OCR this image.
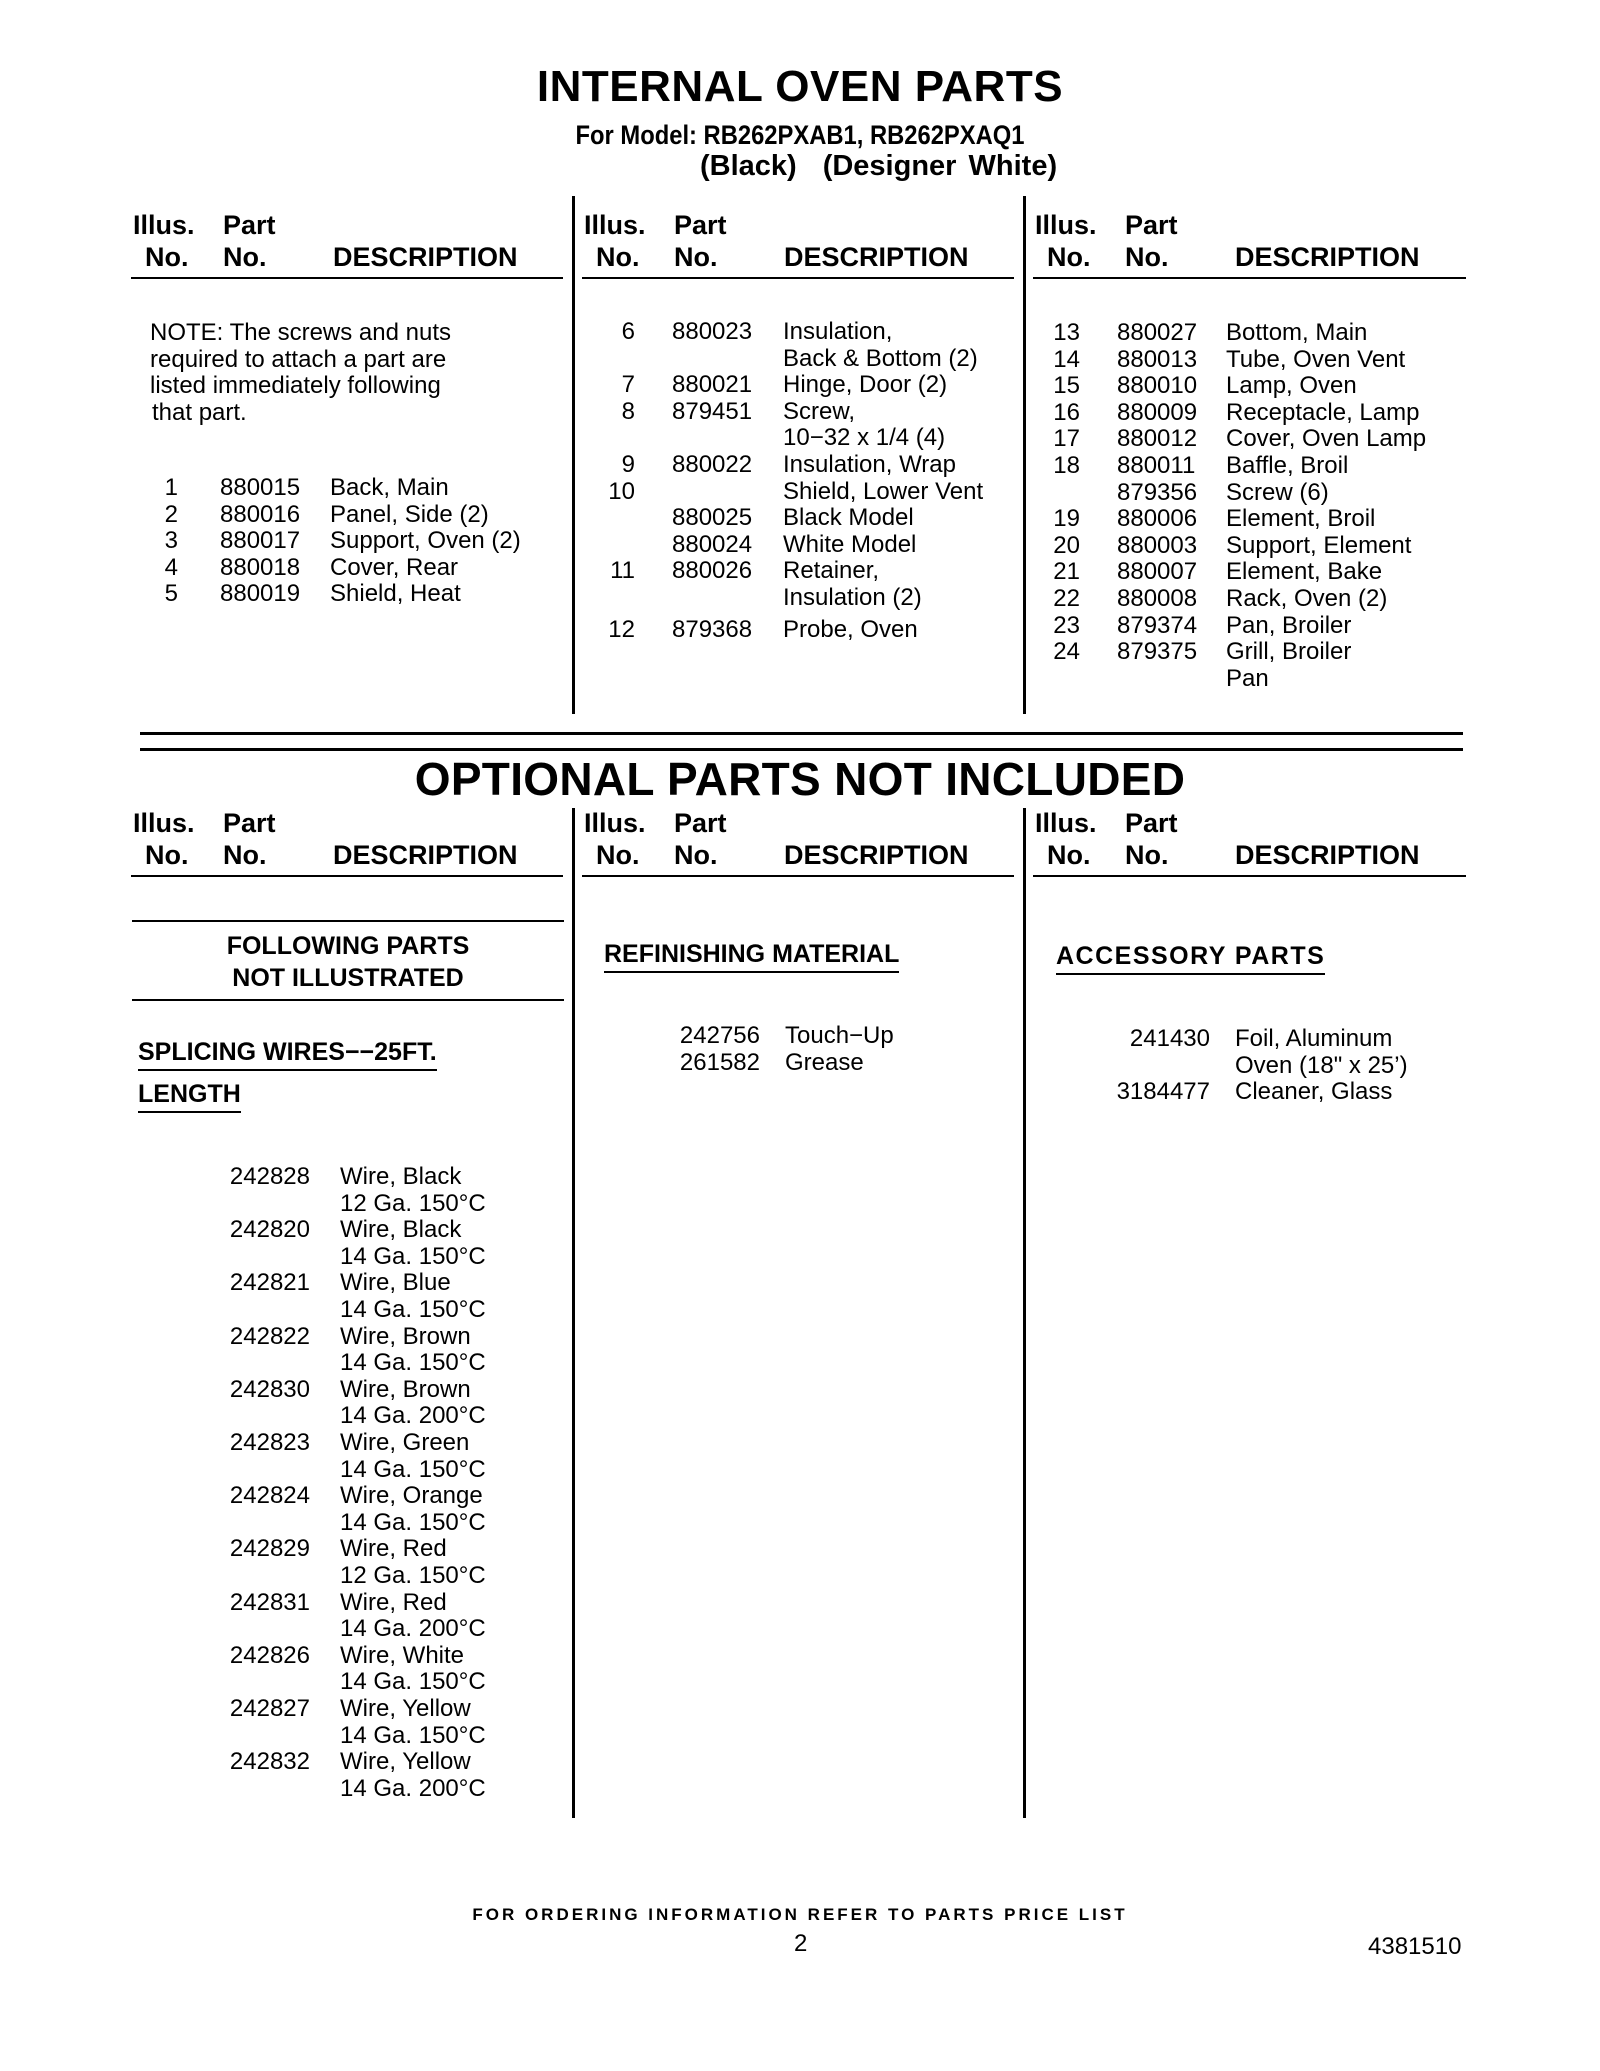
INTERNAL OVEN PARTS
For Model: RB262PXAB1, RB262PXAQ1
(Black) (Designer White)
Illus. Part
No. No. DESCRIPTION
Illus. Part
No. No. DESCRIPTION
Illus. Part
No. No. DESCRIPTION
NOTE: The screws and nuts
required to attach a part are
listed immediately following
that part.
1 880015 Back, Main
2 880016 Panel, Side (2)
3 880017 Support, Oven (2)
4 880018 Cover, Rear
5 880019 Shield, Heat
6 880023 Insulation,
Back & Bottom (2)
7 880021 Hinge, Door (2)
8 879451 Screw,
10−32 x 1/4 (4)
9 880022 Insulation, Wrap
10	Shield, Lower Vent
880025 Black Model
880024 White Model
11 880026 Retainer,
Insulation (2)
12 879368 Probe, Oven
13 880027 Bottom, Main
14 880013 Tube, Oven Vent
15 880010 Lamp, Oven
16 880009 Receptacle, Lamp
17 880012 Cover, Oven Lamp
18 880011 Baffle, Broil
879356 Screw (6)
19 880006 Element, Broil
20 880003 Support, Element
21 880007 Element, Bake
22 880008 Rack, Oven (2)
23 879374 Pan, Broiler
24 879375 Grill, Broiler
Pan
OPTIONAL PARTS NOT INCLUDED
Illus. Part
No. No. DESCRIPTION
Illus. Part
No. No. DESCRIPTION
Illus. Part
No. No. DESCRIPTION
FOLLOWING PARTS
NOT ILLUSTRATED
SPLICING WIRES−−25FT.
LENGTH
242828 Wire, Black
12 Ga. 150°C
242820 Wire, Black
14 Ga. 150°C
242821 Wire, Blue
14 Ga. 150°C
242822 Wire, Brown
14 Ga. 150°C
242830 Wire, Brown
14 Ga. 200°C
242823 Wire, Green
14 Ga. 150°C
242824 Wire, Orange
14 Ga. 150°C
242829 Wire, Red
12 Ga. 150°C
242831 Wire, Red
14 Ga. 200°C
242826 Wire, White
14 Ga. 150°C
242827 Wire, Yellow
14 Ga. 150°C
242832 Wire, Yellow
14 Ga. 200°C
REFINISHING MATERIAL
242756 Touch−Up
261582 Grease
ACCESSORY PARTS
241430 Foil, Aluminum
Oven (18" x 25’)
3184477 Cleaner, Glass
FOR ORDERING INFORMATION REFER TO PARTS PRICE LIST
2	4381510
